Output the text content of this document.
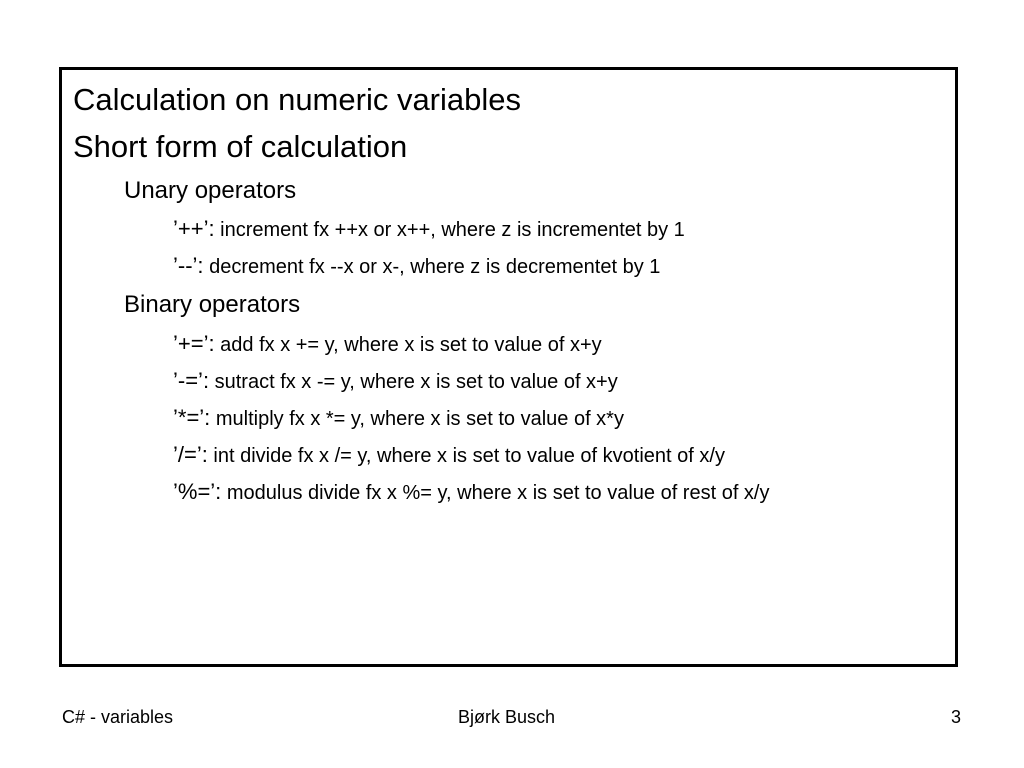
Calculation on numeric variables
Short form of calculation
Unary operators
’++’: increment fx ++x or x++, where z is incrementet by 1
’--’: decrement fx --x or x-, where z is decrementet by 1
Binary operators
’+=’: add fx x += y, where x is set to value of x+y
’-=’: sutract fx x -= y, where x is set to value of x+y
’*=’: multiply fx x *= y, where x is set to value of x*y
’/=’: int divide fx x /= y, where x is set to value of kvotient of x/y
’%=’: modulus divide fx x %= y, where x is set to value of rest of x/y
C# - variables	Bjørk Busch	3
